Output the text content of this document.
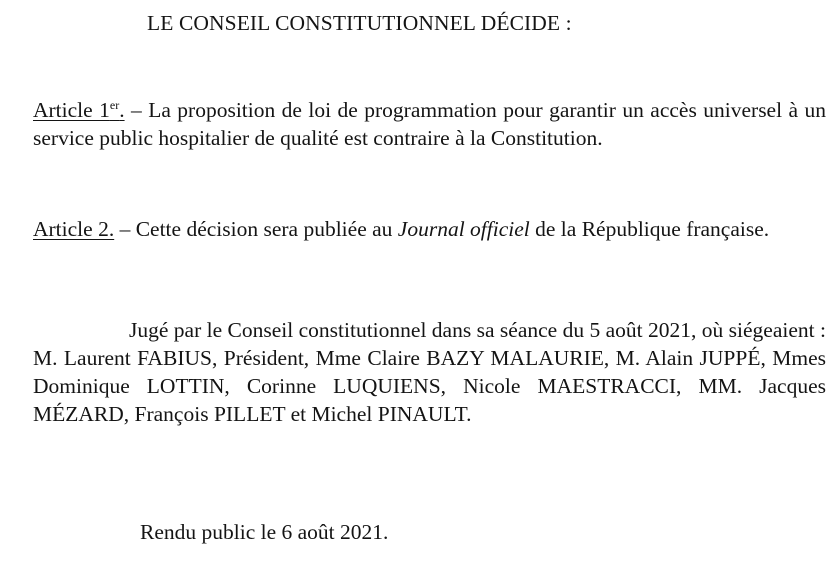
LE CONSEIL CONSTITUTIONNEL DÉCIDE :

Article 1er. – La proposition de loi de programmation pour garantir un accès universel à un service public hospitalier de qualité est contraire à la Constitution.

Article 2. – Cette décision sera publiée au Journal officiel de la République française.

Jugé par le Conseil constitutionnel dans sa séance du 5 août 2021, où siégeaient : M. Laurent FABIUS, Président, Mme Claire BAZY MALAURIE, M. Alain JUPPÉ, Mmes Dominique LOTTIN, Corinne LUQUIENS, Nicole MAESTRACCI, MM. Jacques MÉZARD, François PILLET et Michel PINAULT.

Rendu public le 6 août 2021.
